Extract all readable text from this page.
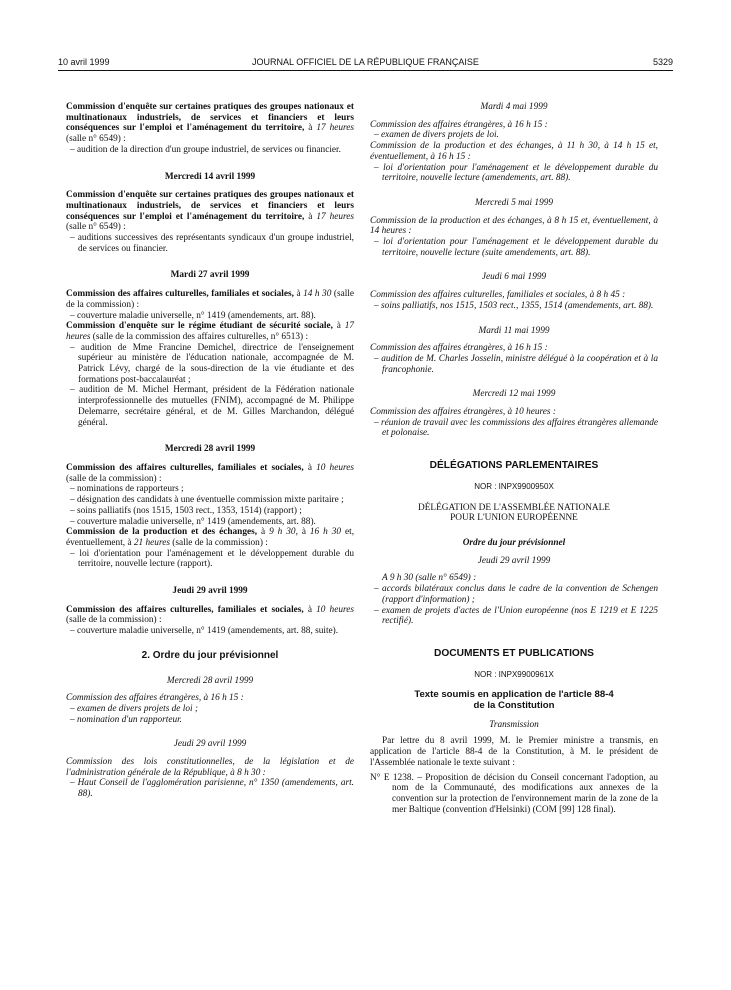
10 avril 1999	JOURNAL OFFICIEL DE LA RÉPUBLIQUE FRANÇAISE	5329

Commission d'enquête sur certaines pratiques des groupes nationaux et multinationaux industriels, de services et financiers et leurs conséquences sur l'emploi et l'aménagement du territoire, à 17 heures (salle n° 6549) :

– audition de la direction d'un groupe industriel, de services ou financier.

Mercredi 14 avril 1999

Commission d'enquête sur certaines pratiques des groupes nationaux et multinationaux industriels, de services et financiers et leurs conséquences sur l'emploi et l'aménagement du territoire, à 17 heures (salle n° 6549) :

– auditions successives des représentants syndicaux d'un groupe industriel, de services ou financier.

Mardi 27 avril 1999

Commission des affaires culturelles, familiales et sociales, à 14 h 30 (salle de la commission) :

– couverture maladie universelle, n° 1419 (amendements, art. 88).

Commission d'enquête sur le régime étudiant de sécurité sociale, à 17 heures (salle de la commission des affaires culturelles, n° 6513) :

– audition de Mme Francine Demichel, directrice de l'enseignement supérieur au ministère de l'éducation nationale, accompagnée de M. Patrick Lévy, chargé de la sous-direction de la vie étudiante et des formations post-baccalauréat ;

– audition de M. Michel Hermant, président de la Fédération nationale interprofessionnelle des mutuelles (FNIM), accompagné de M. Philippe Delemarre, secrétaire général, et de M. Gilles Marchandon, délégué général.

Mercredi 28 avril 1999

Commission des affaires culturelles, familiales et sociales, à 10 heures (salle de la commission) :

– nominations de rapporteurs ;

– désignation des candidats à une éventuelle commission mixte paritaire ;

– soins palliatifs (nos 1515, 1503 rect., 1353, 1514) (rapport) ;

– couverture maladie universelle, n° 1419 (amendements, art. 88).

Commission de la production et des échanges, à 9 h 30, à 16 h 30 et, éventuellement, à 21 heures (salle de la commission) :

– loi d'orientation pour l'aménagement et le développement durable du territoire, nouvelle lecture (rapport).

Jeudi 29 avril 1999

Commission des affaires culturelles, familiales et sociales, à 10 heures (salle de la commission) :

– couverture maladie universelle, n° 1419 (amendements, art. 88, suite).

2. Ordre du jour prévisionnel

Mercredi 28 avril 1999

Commission des affaires étrangères, à 16 h 15 :

– examen de divers projets de loi ;

– nomination d'un rapporteur.

Jeudi 29 avril 1999

Commission des lois constitutionnelles, de la législation et de l'administration générale de la République, à 8 h 30 :

– Haut Conseil de l'agglomération parisienne, n° 1350 (amendements, art. 88).

Mardi 4 mai 1999

Commission des affaires étrangères, à 16 h 15 :

– examen de divers projets de loi.

Commission de la production et des échanges, à 11 h 30, à 14 h 15 et, éventuellement, à 16 h 15 :

– loi d'orientation pour l'aménagement et le développement durable du territoire, nouvelle lecture (amendements, art. 88).

Mercredi 5 mai 1999

Commission de la production et des échanges, à 8 h 15 et, éventuellement, à 14 heures :

– loi d'orientation pour l'aménagement et le développement durable du territoire, nouvelle lecture (suite amendements, art. 88).

Jeudi 6 mai 1999

Commission des affaires culturelles, familiales et sociales, à 8 h 45 :

– soins palliatifs, nos 1515, 1503 rect., 1355, 1514 (amendements, art. 88).

Mardi 11 mai 1999

Commission des affaires étrangères, à 16 h 15 :

– audition de M. Charles Josselin, ministre délégué à la coopération et à la francophonie.

Mercredi 12 mai 1999

Commission des affaires étrangères, à 10 heures :

– réunion de travail avec les commissions des affaires étrangères allemande et polonaise.

DÉLÉGATIONS PARLEMENTAIRES

NOR : INPX9900950X

DÉLÉGATION DE L'ASSEMBLÉE NATIONALE

POUR L'UNION EUROPÉENNE

Ordre du jour prévisionnel

Jeudi 29 avril 1999

A 9 h 30 (salle n° 6549) :

– accords bilatéraux conclus dans le cadre de la convention de Schengen (rapport d'information) ;

– examen de projets d'actes de l'Union européenne (nos E 1219 et E 1225 rectifié).

DOCUMENTS ET PUBLICATIONS

NOR : INPX9900961X

Texte soumis en application de l'article 88-4

de la Constitution

Transmission

Par lettre du 8 avril 1999, M. le Premier ministre a transmis, en application de l'article 88-4 de la Constitution, à M. le président de l'Assemblée nationale le texte suivant :

N° E 1238. – Proposition de décision du Conseil concernant l'adoption, au nom de la Communauté, des modifications aux annexes de la convention sur la protection de l'environnement marin de la zone de la mer Baltique (convention d'Helsinki) (COM [99] 128 final).
